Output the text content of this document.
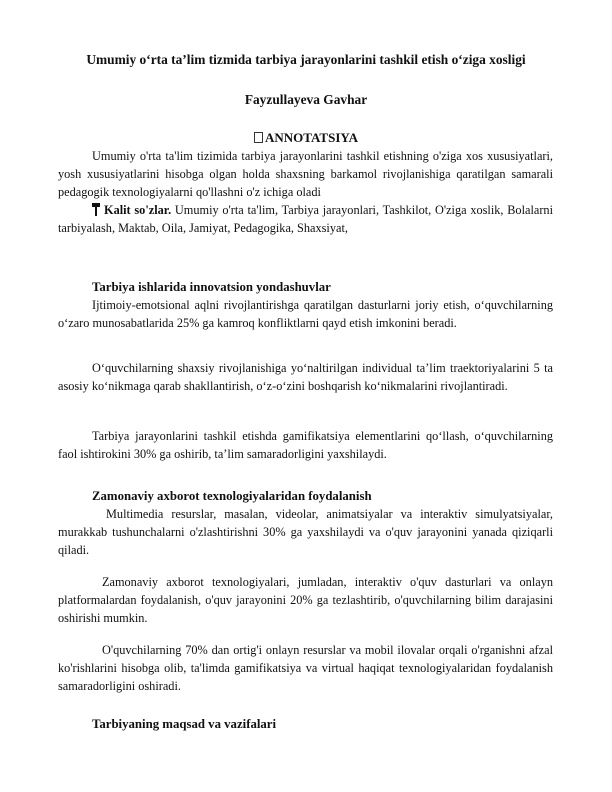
Umumiy o‘rta ta’lim tizmida tarbiya jarayonlarini tashkil etish o‘ziga xosligi
Fayzullayeva Gavhar
ANNOTATSIYA

Umumiy o'rta ta'lim tizimida tarbiya jarayonlarini tashkil etishning o'ziga xos xususiyatlari, yosh xususiyatlarini hisobga olgan holda shaxsning barkamol rivojlanishiga qaratilgan samarali pedagogik texnologiyalarni qo'llashni o'z ichiga oladi

Kalit so'zlar. Umumiy o'rta ta'lim, Tarbiya jarayonlari, Tashkilot, O'ziga xoslik, Bolalarni tarbiyalash, Maktab, Oila, Jamiyat, Pedagogika, Shaxsiyat,

Tarbiya ishlarida innovatsion yondashuvlar

Ijtimoiy-emotsional aqlni rivojlantirishga qaratilgan dasturlarni joriy etish, o‘quvchilarning o‘zaro munosabatlarida 25% ga kamroq konfliktlarni qayd etish imkonini beradi.

O‘quvchilarning shaxsiy rivojlanishiga yo‘naltirilgan individual ta’lim traektoriyalarini 5 ta asosiy ko‘nikmaga qarab shakllantirish, o‘z-o‘zini boshqarish ko‘nikmalarini rivojlantiradi.

Tarbiya jarayonlarini tashkil etishda gamifikatsiya elementlarini qo‘llash, o‘quvchilarning faol ishtirokini 30% ga oshirib, ta’lim samaradorligini yaxshilaydi.

Zamonaviy axborot texnologiyalaridan foydalanish

Multimedia resurslar, masalan, videolar, animatsiyalar va interaktiv simulyatsiyalar, murakkab tushunchalarni o'zlashtirishni 30% ga yaxshilaydi va o'quv jarayonini yanada qiziqarli qiladi.

Zamonaviy axborot texnologiyalari, jumladan, interaktiv o'quv dasturlari va onlayn platformalardan foydalanish, o'quv jarayonini 20% ga tezlashtirib, o'quvchilarning bilim darajasini oshirishi mumkin.

O'quvchilarning 70% dan ortig'i onlayn resurslar va mobil ilovalar orqali o'rganishni afzal ko'rishlarini hisobga olib, ta'limda gamifikatsiya va virtual haqiqat texnologiyalaridan foydalanish samaradorligini oshiradi.

Tarbiyaning maqsad va vazifalari
